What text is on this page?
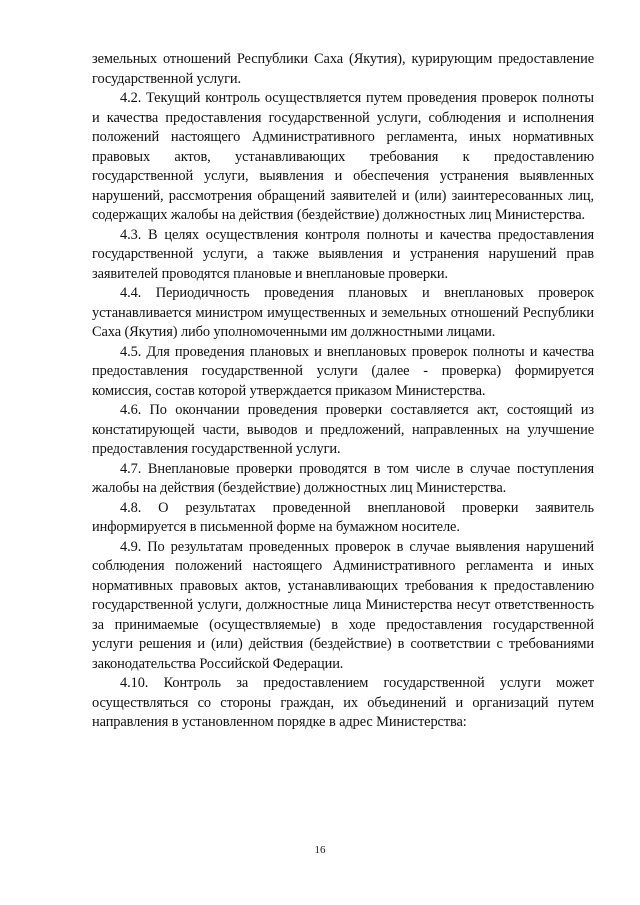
земельных отношений Республики Саха (Якутия), курирующим предоставление государственной услуги.

4.2. Текущий контроль осуществляется путем проведения проверок полноты и качества предоставления государственной услуги, соблюдения и исполнения положений настоящего Административного регламента, иных нормативных правовых актов, устанавливающих требования к предоставлению государственной услуги, выявления и обеспечения устранения выявленных нарушений, рассмотрения обращений заявителей и (или) заинтересованных лиц, содержащих жалобы на действия (бездействие) должностных лиц Министерства.

4.3. В целях осуществления контроля полноты и качества предоставления государственной услуги, а также выявления и устранения нарушений прав заявителей проводятся плановые и внеплановые проверки.

4.4. Периодичность проведения плановых и внеплановых проверок устанавливается министром имущественных и земельных отношений Республики Саха (Якутия) либо уполномоченными им должностными лицами.

4.5. Для проведения плановых и внеплановых проверок полноты и качества предоставления государственной услуги (далее - проверка) формируется комиссия, состав которой утверждается приказом Министерства.

4.6. По окончании проведения проверки составляется акт, состоящий из констатирующей части, выводов и предложений, направленных на улучшение предоставления государственной услуги.

4.7. Внеплановые проверки проводятся в том числе в случае поступления жалобы на действия (бездействие) должностных лиц Министерства.

4.8. О результатах проведенной внеплановой проверки заявитель информируется в письменной форме на бумажном носителе.

4.9. По результатам проведенных проверок в случае выявления нарушений соблюдения положений настоящего Административного регламента и иных нормативных правовых актов, устанавливающих требования к предоставлению государственной услуги, должностные лица Министерства несут ответственность за принимаемые (осуществляемые) в ходе предоставления государственной услуги решения и (или) действия (бездействие) в соответствии с требованиями законодательства Российской Федерации.

4.10. Контроль за предоставлением государственной услуги может осуществляться со стороны граждан, их объединений и организаций путем направления в установленном порядке в адрес Министерства:

16
